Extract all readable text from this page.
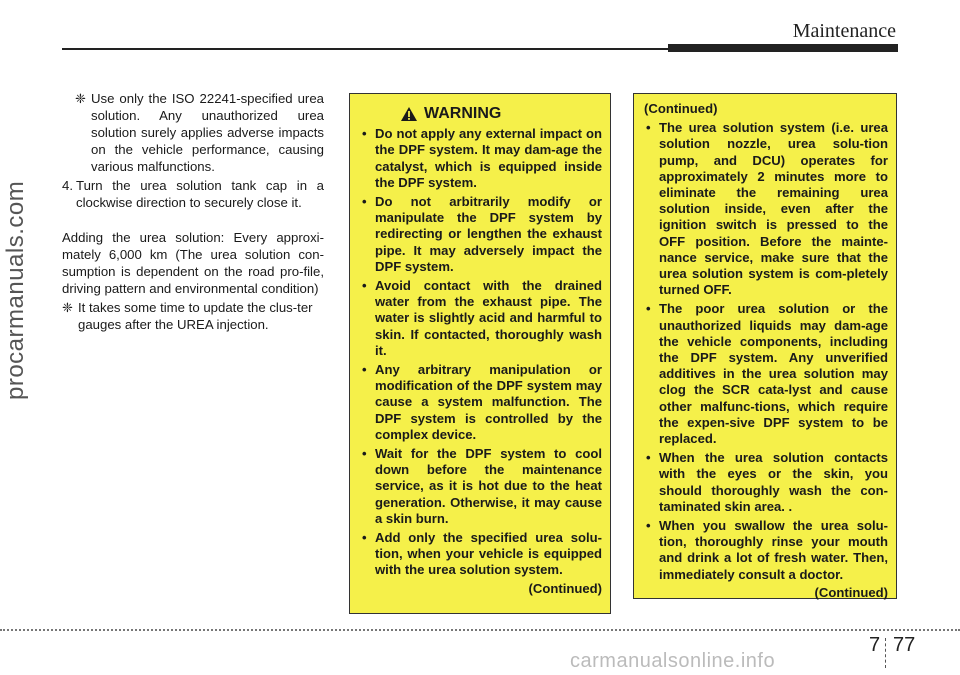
Maintenance
procarmanuals.com
❈ Use only the ISO 22241-specified urea solution. Any unauthorized urea solution surely applies adverse impacts on the vehicle performance, causing various malfunctions.
4. Turn the urea solution tank cap in a clockwise direction to securely close it.

Adding the urea solution: Every approxi-mately 6,000 km (The urea solution con-sumption is dependent on the road pro-file, driving pattern and environmental condition)

❈ It takes some time to update the clus-ter gauges after the UREA injection.
WARNING
• Do not apply any external impact on the DPF system. It may dam-age the catalyst, which is equipped inside the DPF system.
• Do not arbitrarily modify or manipulate the DPF system by redirecting or lengthen the exhaust pipe. It may adversely impact the DPF system.
• Avoid contact with the drained water from the exhaust pipe. The water is slightly acid and harmful to skin. If contacted, thoroughly wash it.
• Any arbitrary manipulation or modification of the DPF system may cause a system malfunction. The DPF system is controlled by the complex device.
• Wait for the DPF system to cool down before the maintenance service, as it is hot due to the heat generation. Otherwise, it may cause a skin burn.
• Add only the specified urea solu-tion, when your vehicle is equipped with the urea solution system.
(Continued)
(Continued)
• The urea solution system (i.e. urea solution nozzle, urea solu-tion pump, and DCU) operates for approximately 2 minutes more to eliminate the remaining urea solution inside, even after the ignition switch is pressed to the OFF position. Before the mainte-nance service, make sure that the urea solution system is com-pletely turned OFF.
• The poor urea solution or the unauthorized liquids may dam-age the vehicle components, including the DPF system. Any unverified additives in the urea solution may clog the SCR cata-lyst and cause other malfunc-tions, which require the expen-sive DPF system to be replaced.
• When the urea solution contacts with the eyes or the skin, you should thoroughly wash the con-taminated skin area. .
• When you swallow the urea solu-tion, thoroughly rinse your mouth and drink a lot of fresh water. Then, immediately consult a doctor.
(Continued)
7 77
carmanualsonline.info
